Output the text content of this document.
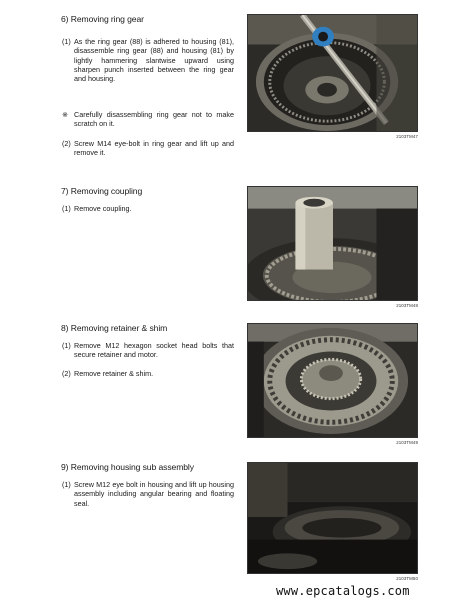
6) Removing ring gear
(1) As the ring gear (88) is adhered to housing (81), disassemble ring gear (88) and housing (81) by lightly hammering slantwise upward using sharpen punch inserted between the ring gear and housing.
※ Carefully disassembling ring gear not to make scratch on it.
(2) Screw M14 eye-bolt in ring gear and lift up and remove it.
2103TM47
7) Removing coupling
(1) Remove coupling.
2103TM48
8) Removing retainer & shim
(1) Remove M12 hexagon socket head bolts that secure retainer and motor.
(2) Remove retainer & shim.
2103TM49
9) Removing housing sub assembly
(1) Screw M12 eye bolt in housing and lift up housing assembly including angular bearing and floating seal.
2103TM50
www.epcatalogs.com
